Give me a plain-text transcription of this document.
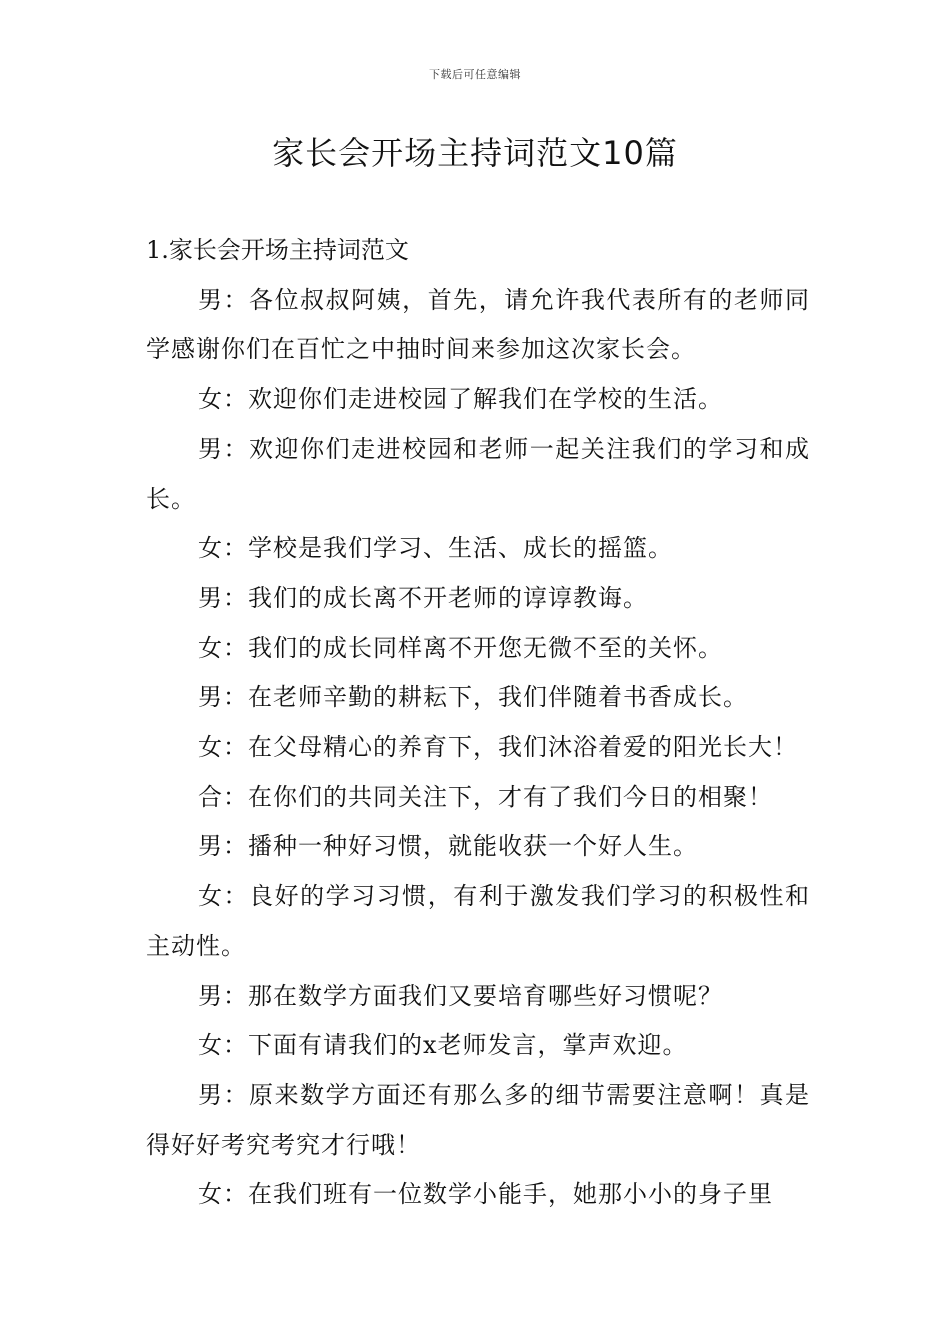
下载后可任意编辑
家长会开场主持词范文10篇

1.家长会开场主持词范文

男：各位叔叔阿姨，首先，请允许我代表所有的老师同学感谢你们在百忙之中抽时间来参加这次家长会。

女：欢迎你们走进校园了解我们在学校的生活。

男：欢迎你们走进校园和老师一起关注我们的学习和成长。

女：学校是我们学习、生活、成长的摇篮。

男：我们的成长离不开老师的谆谆教诲。

女：我们的成长同样离不开您无微不至的关怀。

男：在老师辛勤的耕耘下，我们伴随着书香成长。

女：在父母精心的养育下，我们沐浴着爱的阳光长大！

合：在你们的共同关注下，才有了我们今日的相聚！

男：播种一种好习惯，就能收获一个好人生。

女：良好的学习习惯，有利于激发我们学习的积极性和主动性。

男：那在数学方面我们又要培育哪些好习惯呢？

女：下面有请我们的x老师发言，掌声欢迎。

男：原来数学方面还有那么多的细节需要注意啊！真是得好好考究考究才行哦！

女：在我们班有一位数学小能手，她那小小的身子里
